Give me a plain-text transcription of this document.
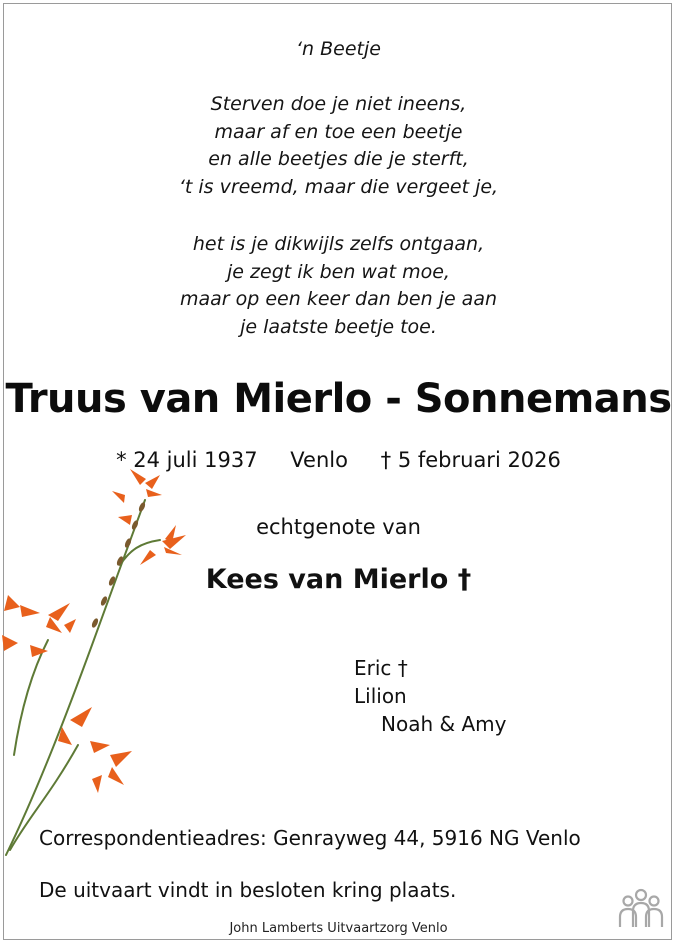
‘n Beetje
Sterven doe je niet ineens,
maar af en toe een beetje
en alle beetjes die je sterft,
‘t is vreemd, maar die vergeet je,
het is je dikwijls zelfs ontgaan,
je zegt ik ben wat moe,
maar op een keer dan ben je aan
je laatste beetje toe.
Truus van Mierlo - Sonnemans
* 24 juli 1937 Venlo † 5 februari 2026
echtgenote van
Kees van Mierlo †
Eric †
Lilion
Noah & Amy
Correspondentieadres: Genrayweg 44, 5916 NG Venlo
De uitvaart vindt in besloten kring plaats.
John Lamberts Uitvaartzorg Venlo
